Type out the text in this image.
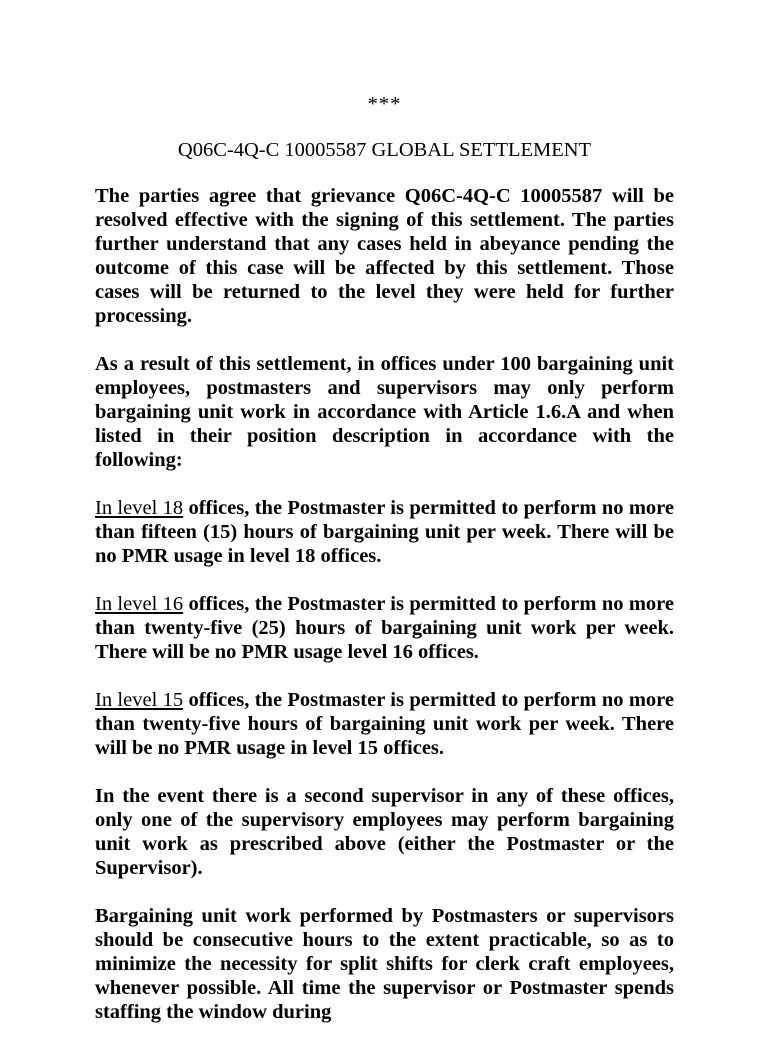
***
Q06C-4Q-C 10005587 GLOBAL SETTLEMENT

The parties agree that grievance Q06C-4Q-C 10005587 will be resolved effective with the signing of this settlement. The parties further understand that any cases held in abeyance pending the outcome of this case will be affected by this settlement. Those cases will be returned to the level they were held for further processing.

As a result of this settlement, in offices under 100 bargaining unit employees, postmasters and supervisors may only perform bargaining unit work in accordance with Article 1.6.A and when listed in their position description in accordance with the following:

In level 18 offices, the Postmaster is permitted to perform no more than fifteen (15) hours of bargaining unit per week. There will be no PMR usage in level 18 offices.

In level 16 offices, the Postmaster is permitted to perform no more than twenty-five (25) hours of bargaining unit work per week. There will be no PMR usage level 16 offices.

In level 15 offices, the Postmaster is permitted to perform no more than twenty-five hours of bargaining unit work per week. There will be no PMR usage in level 15 offices.

In the event there is a second supervisor in any of these offices, only one of the supervisory employees may perform bargaining unit work as prescribed above (either the Postmaster or the Supervisor).

Bargaining unit work performed by Postmasters or supervisors should be consecutive hours to the extent practicable, so as to minimize the necessity for split shifts for clerk craft employees, whenever possible. All time the supervisor or Postmaster spends staffing the window during
